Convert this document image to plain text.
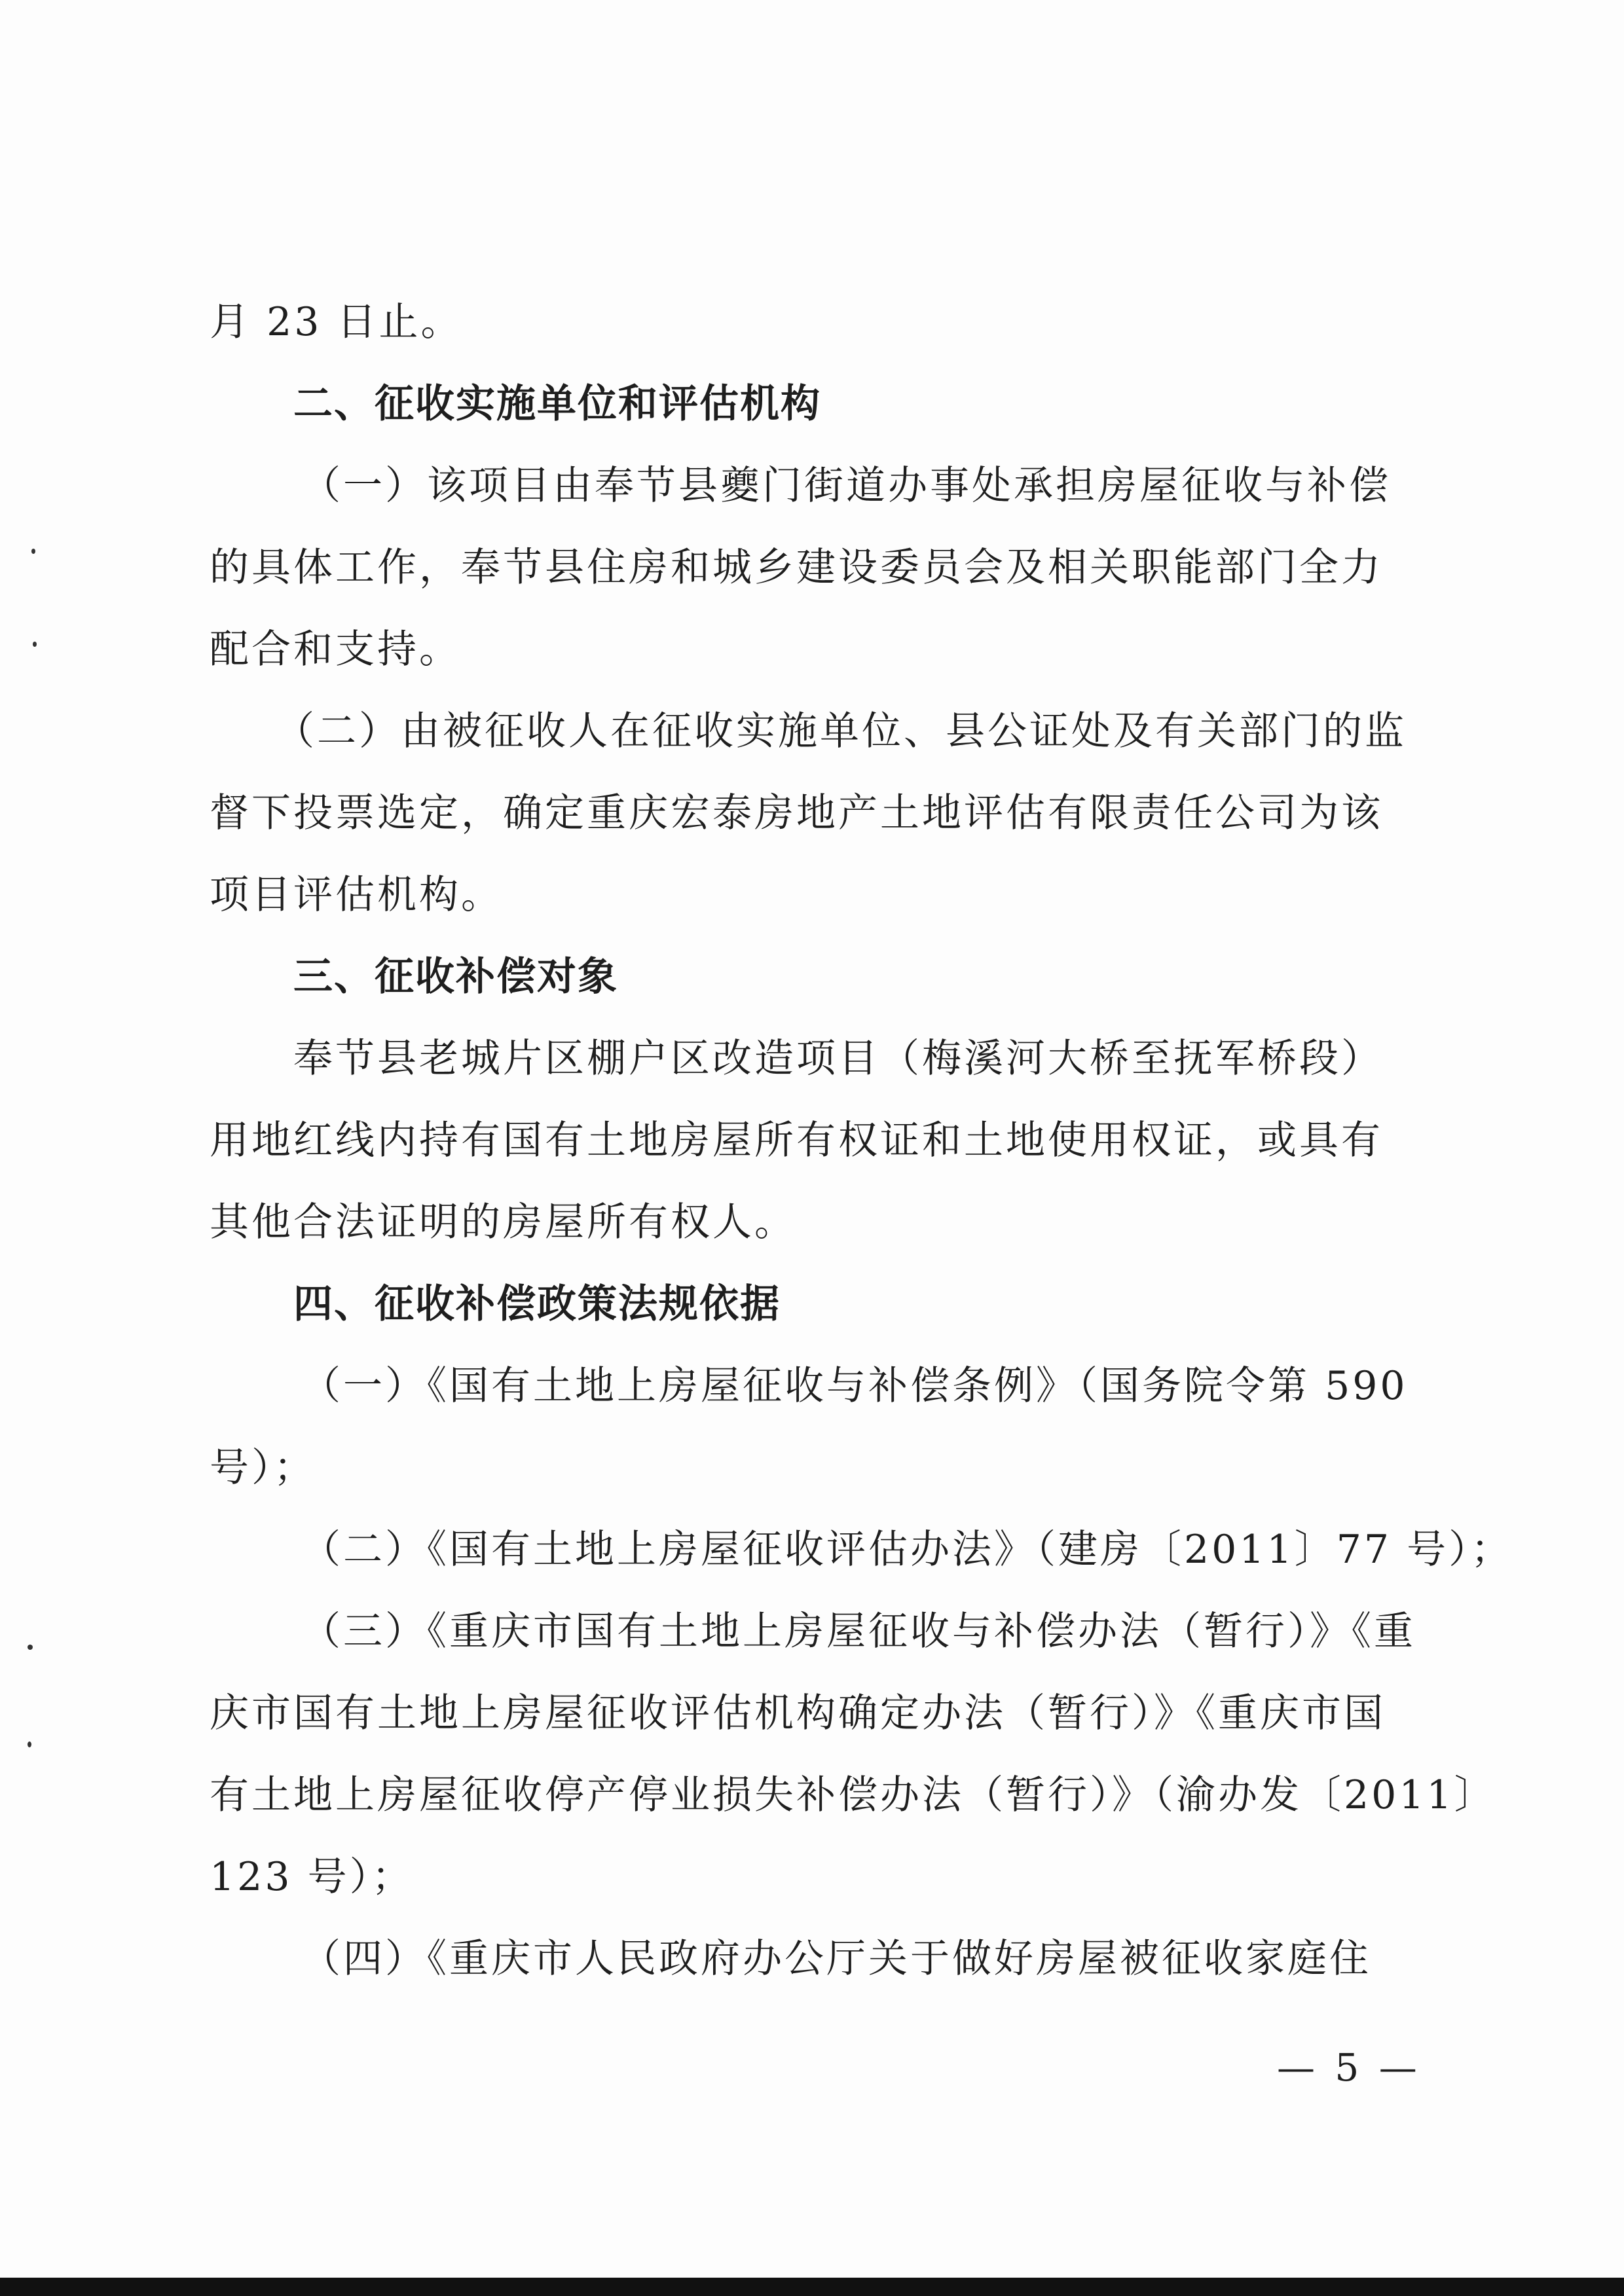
月 23 日止。
二、征收实施单位和评估机构
（一）该项目由奉节县夔门街道办事处承担房屋征收与补偿
的具体工作，奉节县住房和城乡建设委员会及相关职能部门全力
配合和支持。
（二）由被征收人在征收实施单位、县公证处及有关部门的监
督下投票选定，确定重庆宏泰房地产土地评估有限责任公司为该
项目评估机构。
三、征收补偿对象
奉节县老城片区棚户区改造项目（梅溪河大桥至抚军桥段）
用地红线内持有国有土地房屋所有权证和土地使用权证，或具有
其他合法证明的房屋所有权人。
四、征收补偿政策法规依据
（一）《国有土地上房屋征收与补偿条例》（国务院令第 590
号）；
（二）《国有土地上房屋征收评估办法》（建房〔2011〕77 号）；
（三）《重庆市国有土地上房屋征收与补偿办法（暂行）》《重
庆市国有土地上房屋征收评估机构确定办法（暂行）》《重庆市国
有土地上房屋征收停产停业损失补偿办法（暂行）》（渝办发〔2011〕
123 号）；
（四）《重庆市人民政府办公厅关于做好房屋被征收家庭住
— 5 —
